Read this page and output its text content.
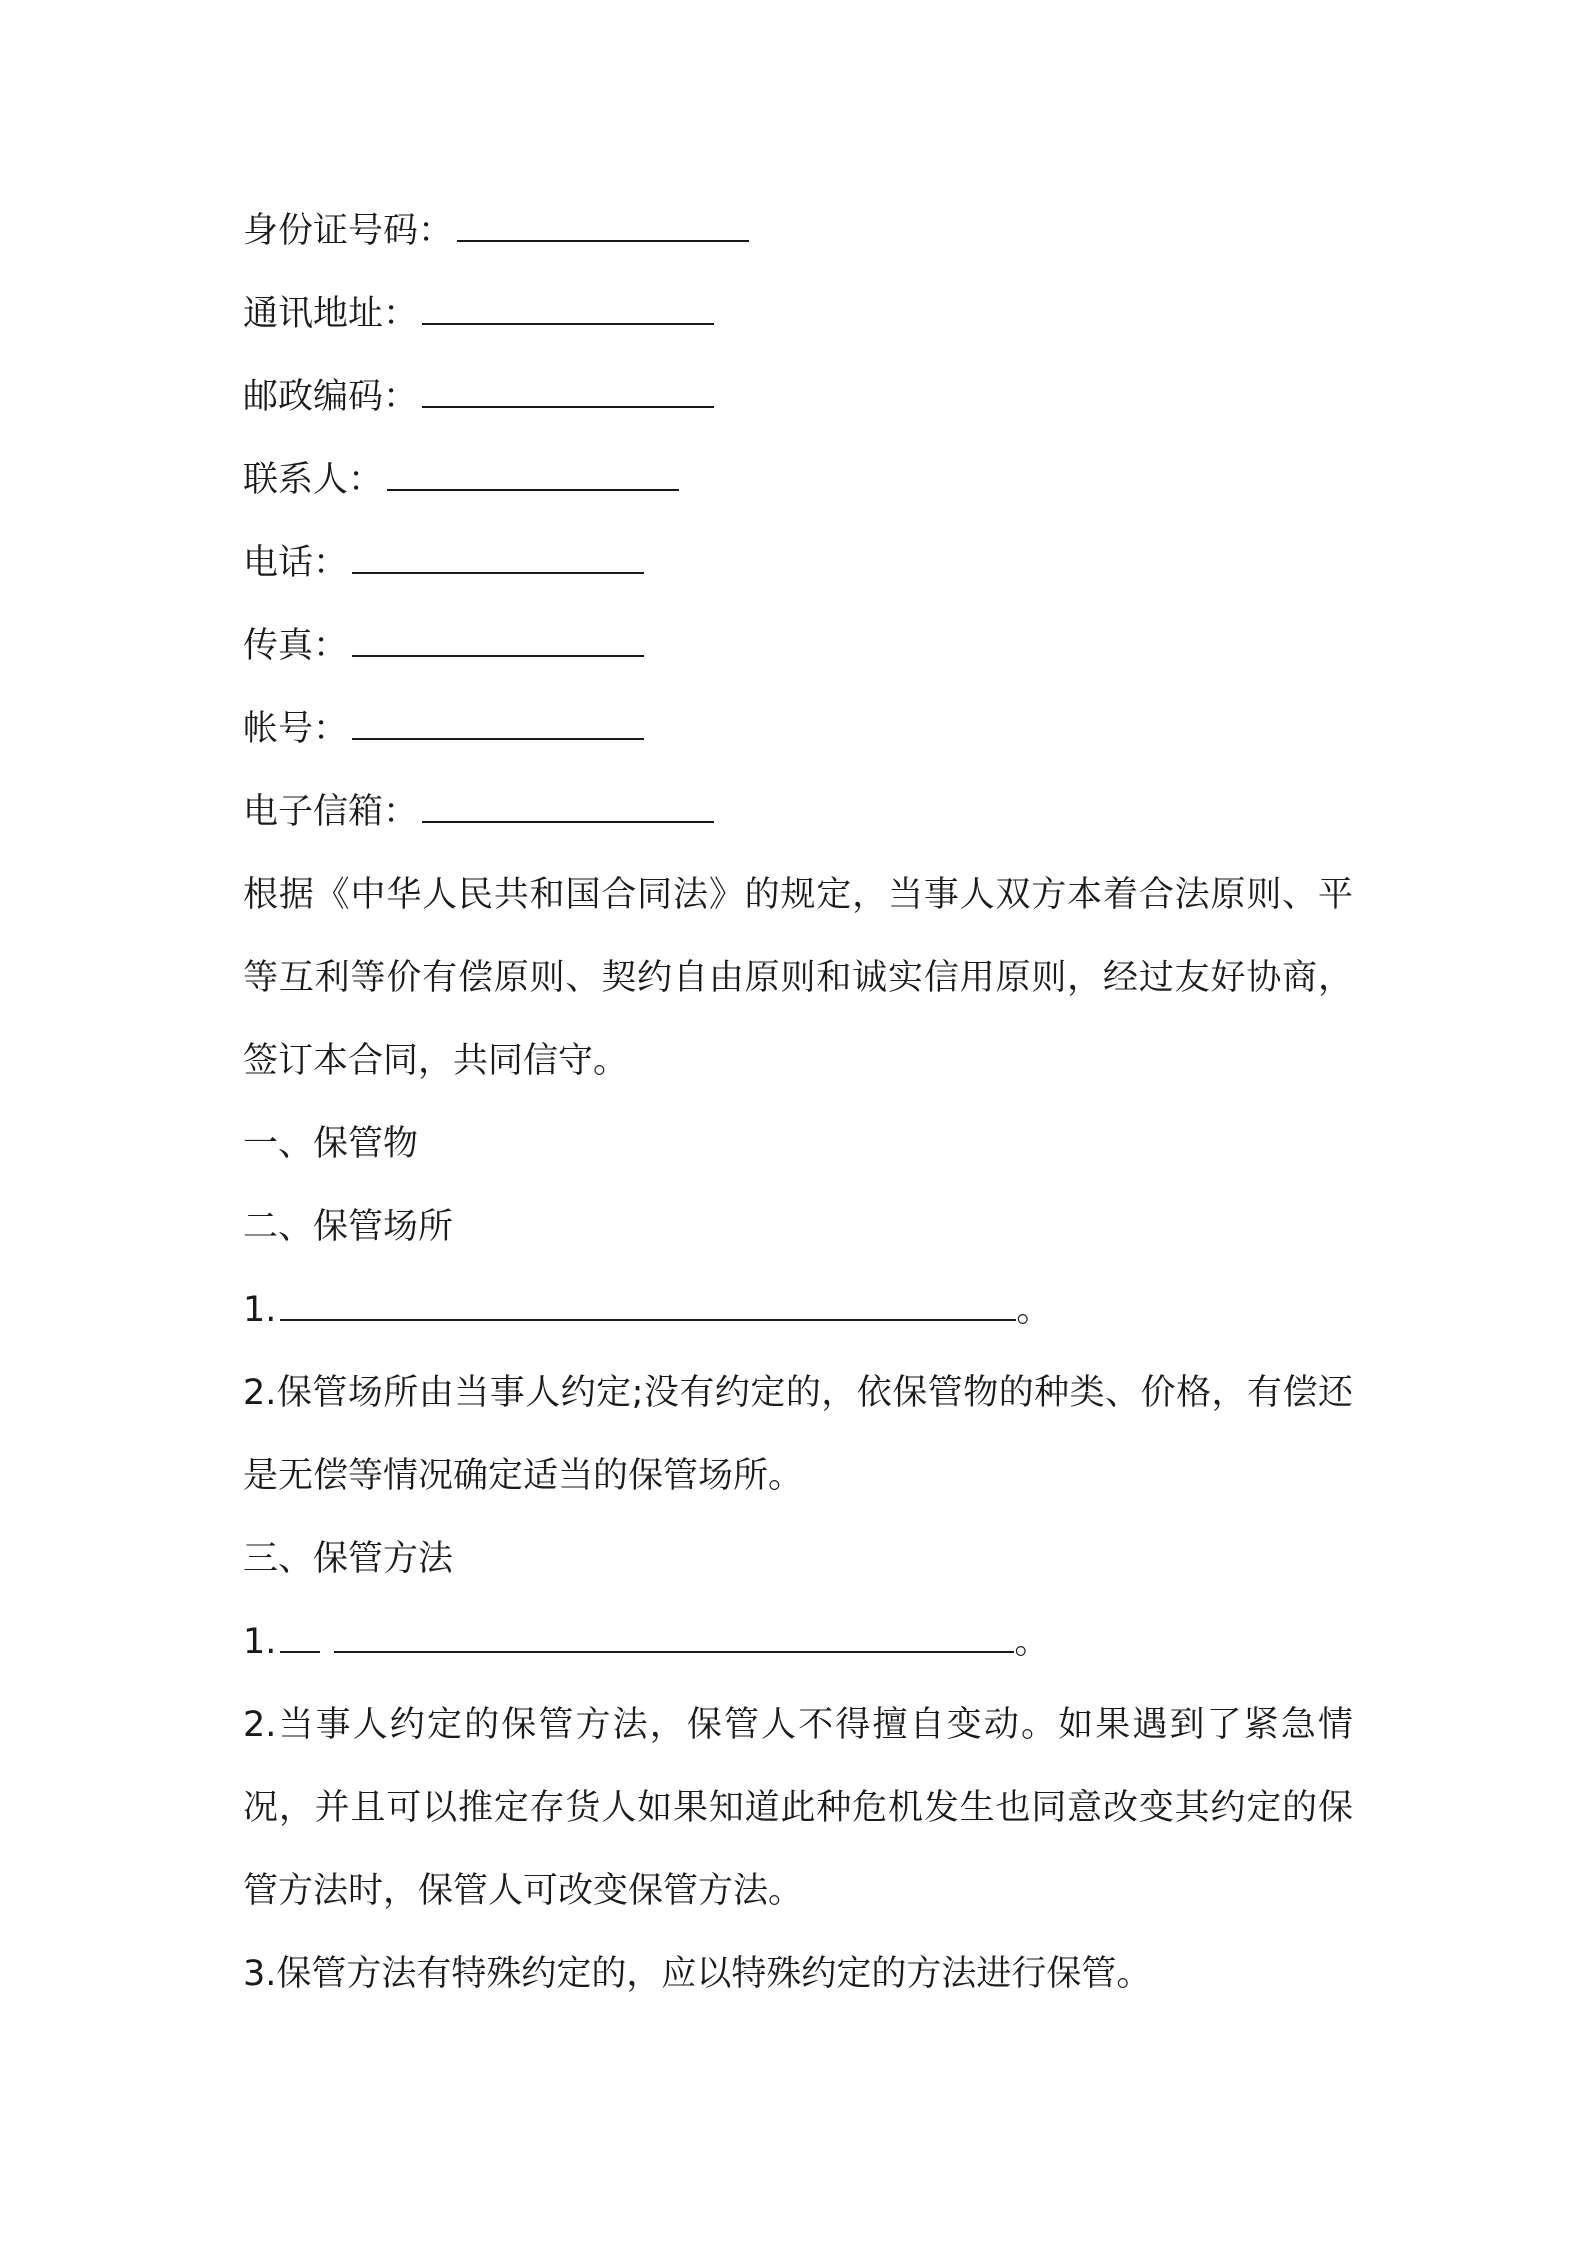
身份证号码：

通讯地址：

邮政编码：

联系人：

电话：

传真：

帐号：

电子信箱：

根据《中华人民共和国合同法》的规定，当事人双方本着合法原则、平等互利等价有偿原则、契约自由原则和诚实信用原则，经过友好协商，签订本合同，共同信守。

一、保管物

二、保管场所

1.	。

2.保管场所由当事人约定;没有约定的，依保管物的种类、价格，有偿还是无偿等情况确定适当的保管场所。

三、保管方法

1.	。

2.当事人约定的保管方法，保管人不得擅自变动。如果遇到了紧急情况，并且可以推定存货人如果知道此种危机发生也同意改变其约定的保管方法时，保管人可改变保管方法。

3.保管方法有特殊约定的，应以特殊约定的方法进行保管。
